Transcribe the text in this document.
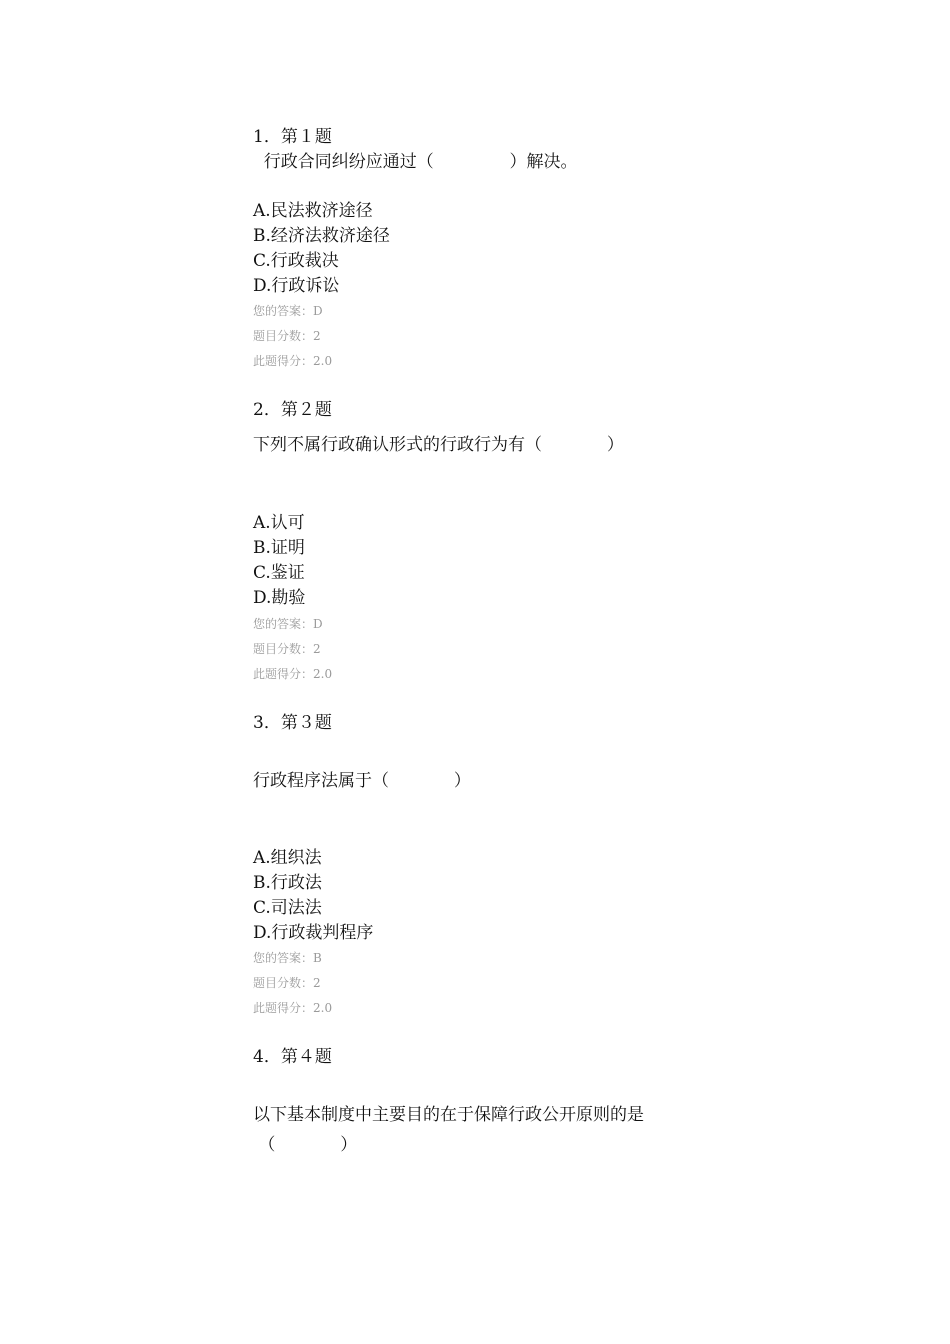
1．第１题
行政合同纠纷应通过（              ）解决。
A.民法救济途径
B.经济法救济途径
C.行政裁决
D.行政诉讼
您的答案：D
题目分数：2
此题得分：2.0
2．第２题
下列不属行政确认形式的行政行为有（            ）
A.认可
B.证明
C.鉴证
D.勘验
您的答案：D
题目分数：2
此题得分：2.0
3．第３题
行政程序法属于（            ）
A.组织法
B.行政法
C.司法法
D.行政裁判程序
您的答案：B
题目分数：2
此题得分：2.0
4．第４题
以下基本制度中主要目的在于保障行政公开原则的是
（            ）
